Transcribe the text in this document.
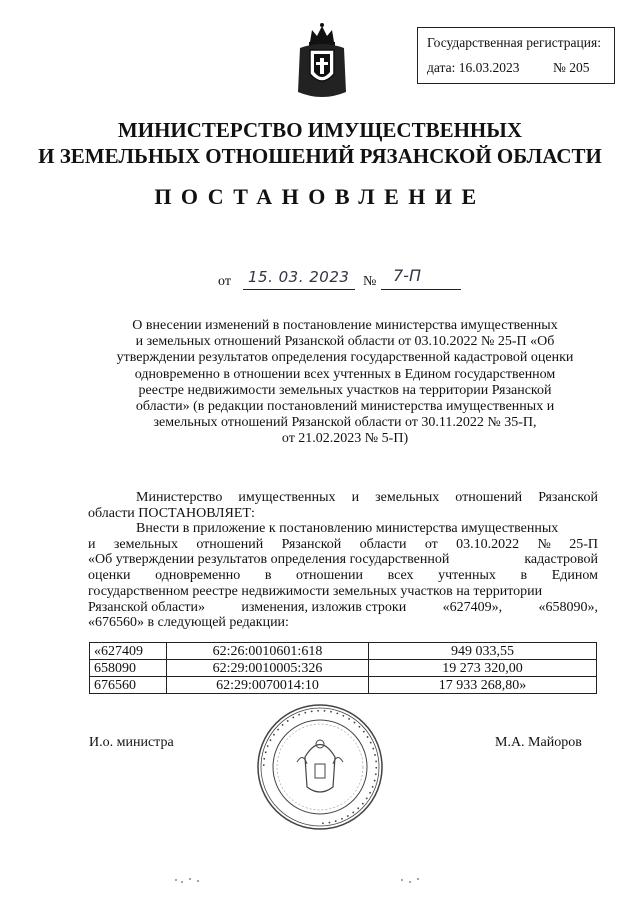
Государственная регистрация:
дата: 16.03.2023 № 205
МИНИСТЕРСТВО ИМУЩЕСТВЕННЫХ
И ЗЕМЕЛЬНЫХ ОТНОШЕНИЙ РЯЗАНСКОЙ ОБЛАСТИ
ПОСТАНОВЛЕНИЕ
от 15. 03. 2023 № 7-П
О внесении изменений в постановление министерства имущественных
и земельных отношений Рязанской области от 03.10.2022 № 25-П «Об
утверждении результатов определения государственной кадастровой оценки
одновременно в отношении всех учтенных в Едином государственном
реестре недвижимости земельных участков на территории Рязанской
области» (в редакции постановлений министерства имущественных и
земельных отношений Рязанской области от 30.11.2022 № 35-П,
от 21.02.2023 № 5-П)
Министерство имущественных и земельных отношений Рязанской
области ПОСТАНОВЛЯЕТ:
Внести в приложение к постановлению министерства имущественных
и земельных отношений Рязанской области от 03.10.2022 № 25-П
«Об утверждении результатов определения государственной	кадастровой
оценки одновременно в отношении всех учтенных в Едином
государственном реестре недвижимости земельных участков на территории
Рязанской области»	изменения, изложив строки	«627409»,	«658090»,
«676560» в следующей редакции:
«627409	62:26:0010601:618	949 033,55
658090	62:29:0010005:326	19 273 320,00
676560	62:29:0070014:10	17 933 268,80»
И.о. министра	М.А. Майоров
• • • • • • • • • • • • • • • • • • • • • • • • • • • • • • • • • • • • • • • • •
